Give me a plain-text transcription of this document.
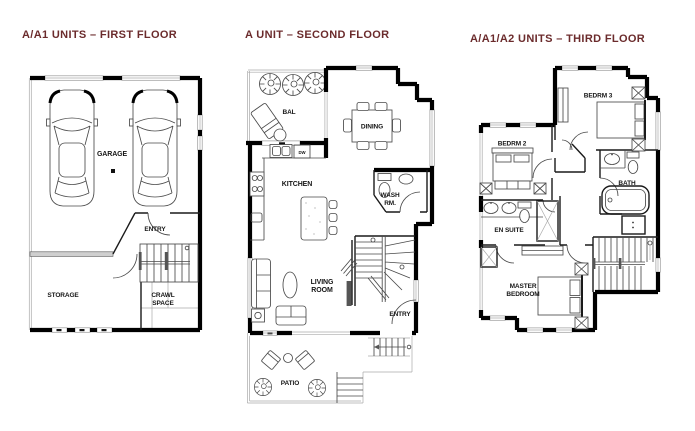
A/A1 UNITS – FIRST FLOOR
GARAGE
ENTRY
STORAGE	CRAWL
SPACE
A UNIT – SECOND FLOOR
BAL
DINING
DW
KITCHEN
WASH
RM.
LIVING
ROOM
ENTRY
PATIO
A/A1/A2 UNITS – THIRD FLOOR
BEDRM 3
BEDRM 2
EN SUITE
BATH
MASTER
BEDROOM
